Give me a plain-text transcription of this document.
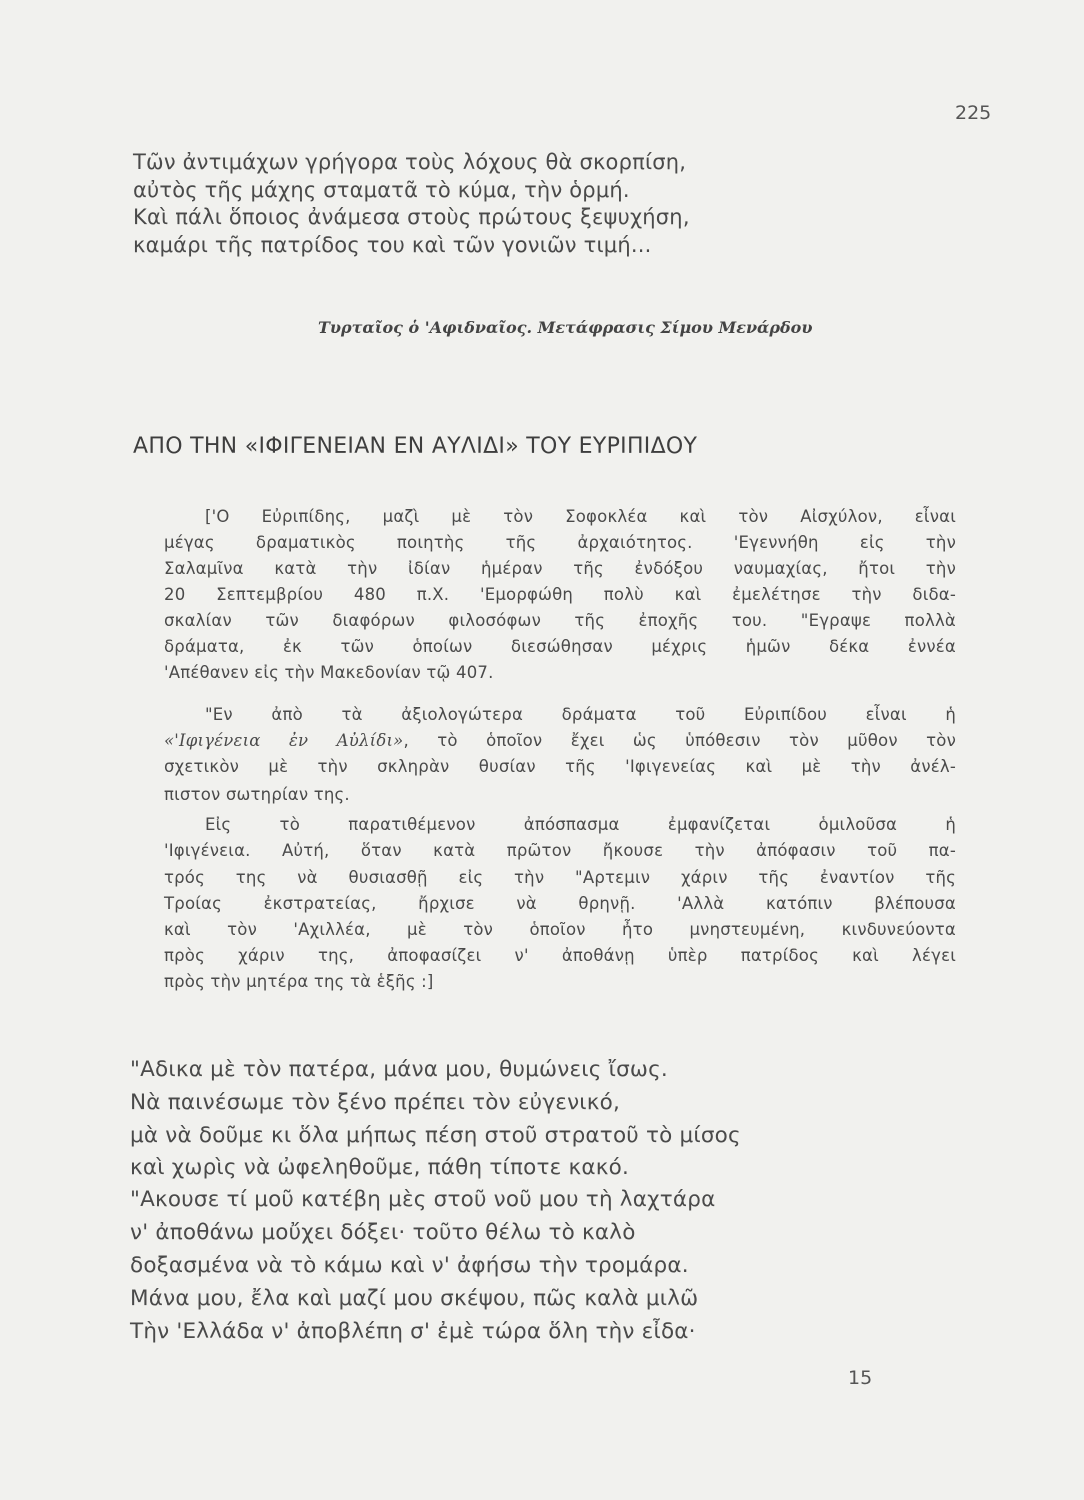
225
Τῶν ἀντιμάχων γρήγορα τοὺς λόχους θὰ σκορπίση,
αὐτὸς τῆς μάχης σταματᾶ τὸ κύμα, τὴν ὁρμή.
Καὶ πάλι ὅποιος ἀνάμεσα στοὺς πρώτους ξεψυχήση,
καμάρι τῆς πατρίδος του καὶ τῶν γονιῶν τιμή...
Τυρταῖος ὁ 'Αφιδναῖος. Μετάφρασις Σίμου Μενάρδου
ΑΠΟ ΤΗΝ «ΙΦΙΓΕΝΕΙΑΝ ΕΝ ΑΥΛΙΔΙ» ΤΟΥ ΕΥΡΙΠΙΔΟΥ
['Ο Εὐριπίδης, μαζὶ μὲ τὸν Σοφοκλέα καὶ τὸν Αἰσχύλον, εἶναι
μέγας δραματικὸς ποιητὴς τῆς ἀρχαιότητος. 'Εγεννήθη εἰς τὴν
Σαλαμῖνα κατὰ τὴν ἰδίαν ἡμέραν τῆς ἐνδόξου ναυμαχίας, ἤτοι τὴν
20 Σεπτεμβρίου 480 π.Χ. 'Εμορφώθη πολὺ καὶ ἐμελέτησε τὴν διδα-
σκαλίαν τῶν διαφόρων φιλοσόφων τῆς ἐποχῆς του. "Εγραψε πολλὰ
δράματα, ἐκ τῶν ὁποίων διεσώθησαν μέχρις ἡμῶν δέκα ἐννέα
'Απέθανεν εἰς τὴν Μακεδονίαν τῷ 407.
"Εν ἀπὸ τὰ ἀξιολογώτερα δράματα τοῦ Εὐριπίδου εἶναι ἡ
«'Ιφιγένεια ἐν Αὐλίδι», τὸ ὁποῖον ἔχει ὡς ὑπόθεσιν τὸν μῦθον τὸν
σχετικὸν μὲ τὴν σκληρὰν θυσίαν τῆς 'Ιφιγενείας καὶ μὲ τὴν ἀνέλ-
πιστον σωτηρίαν της.
Εἰς τὸ παρατιθέμενον ἀπόσπασμα ἐμφανίζεται ὁμιλοῦσα ἡ
'Ιφιγένεια. Αὐτή, ὅταν κατὰ πρῶτον ἤκουσε τὴν ἀπόφασιν τοῦ πα-
τρός της νὰ θυσιασθῇ εἰς τὴν "Αρτεμιν χάριν τῆς ἐναντίον τῆς
Τροίας ἐκστρατείας, ἤρχισε νὰ θρηνῇ. 'Αλλὰ κατόπιν βλέπουσα
καὶ τὸν 'Αχιλλέα, μὲ τὸν ὁποῖον ἦτο μνηστευμένη, κινδυνεύοντα
πρὸς χάριν της, ἀποφασίζει ν' ἀποθάνῃ ὑπὲρ πατρίδος καὶ λέγει
πρὸς τὴν μητέρα της τὰ ἑξῆς :]
"Αδικα μὲ τὸν πατέρα, μάνα μου, θυμώνεις ἴσως.
Νὰ παινέσωμε τὸν ξένο πρέπει τὸν εὐγενικό,
μὰ νὰ δοῦμε κι ὅλα μήπως πέση στοῦ στρατοῦ τὸ μίσος
καὶ χωρὶς νὰ ὠφεληθοῦμε, πάθη τίποτε κακό.
"Ακουσε τί μοῦ κατέβη μὲς στοῦ νοῦ μου τὴ λαχτάρα
ν' ἀποθάνω μοὔχει δόξει· τοῦτο θέλω τὸ καλὸ
δοξασμένα νὰ τὸ κάμω καὶ ν' ἀφήσω τὴν τρομάρα.
Μάνα μου, ἔλα καὶ μαζί μου σκέψου, πῶς καλὰ μιλῶ
Τὴν 'Ελλάδα ν' ἀποβλέπη σ' ἐμὲ τώρα ὅλη τὴν εἶδα·
15
